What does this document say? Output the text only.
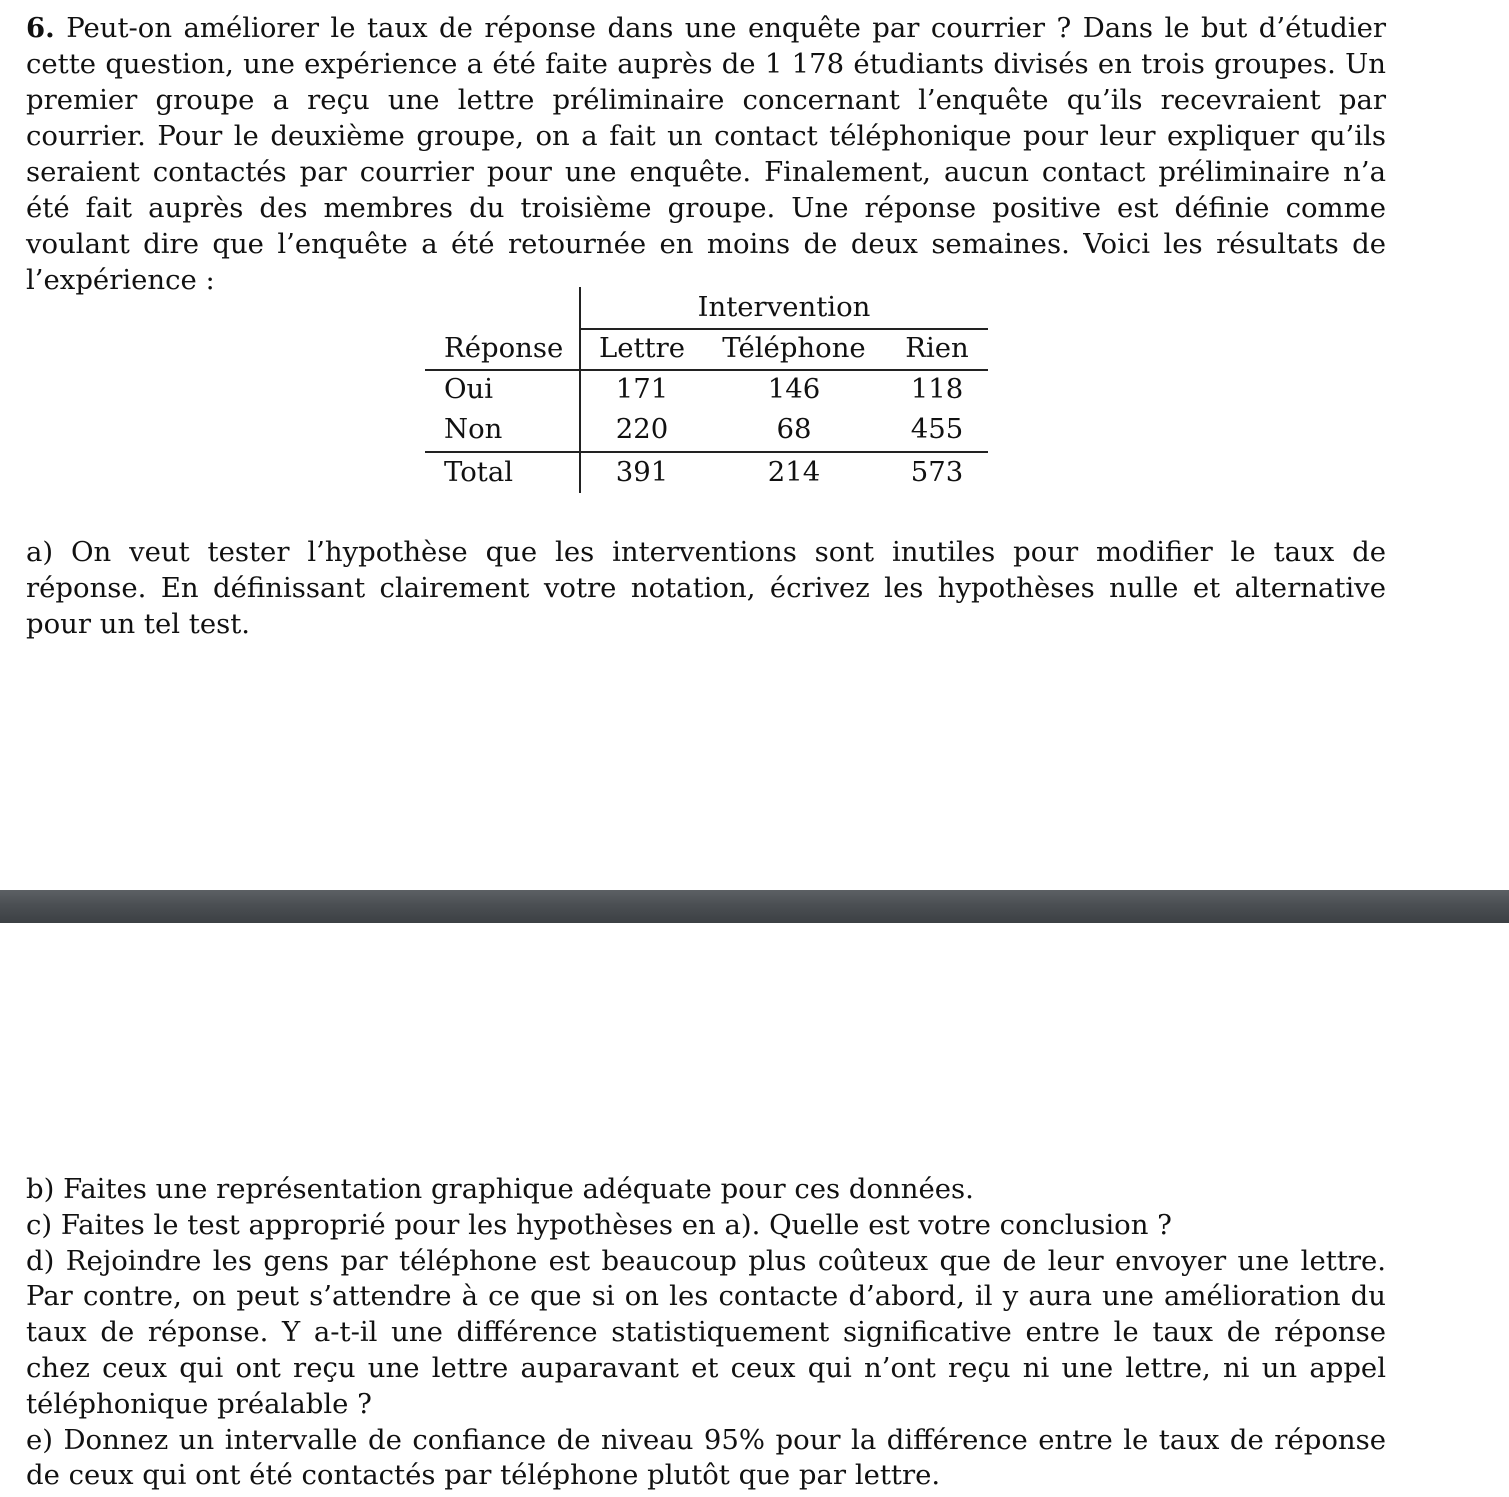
6. Peut-on améliorer le taux de réponse dans une enquête par courrier ? Dans le but d’étudier cette question, une expérience a été faite auprès de 1 178 étudiants divisés en trois groupes. Un premier groupe a reçu une lettre préliminaire concernant l’enquête qu’ils recevraient par courrier. Pour le deuxième groupe, on a fait un contact téléphonique pour leur expliquer qu’ils seraient contactés par courrier pour une enquête. Finalement, aucun contact préliminaire n’a été fait auprès des membres du troisième groupe. Une réponse positive est définie comme voulant dire que l’enquête a été retournée en moins de deux semaines. Voici les résultats de l’expérience :
Intervention
Réponse	Lettre	Téléphone	Rien
Oui	171	146	118
Non	220	68	455
Total	391	214	573
a) On veut tester l’hypothèse que les interventions sont inutiles pour modifier le taux de réponse. En définissant clairement votre notation, écrivez les hypothèses nulle et alternative pour un tel test.

b) Faites une représentation graphique adéquate pour ces données.

c) Faites le test approprié pour les hypothèses en a). Quelle est votre conclusion ?

d) Rejoindre les gens par téléphone est beaucoup plus coûteux que de leur envoyer une lettre. Par contre, on peut s’attendre à ce que si on les contacte d’abord, il y aura une amélioration du taux de réponse. Y a-t-il une différence statistiquement significative entre le taux de réponse chez ceux qui ont reçu une lettre auparavant et ceux qui n’ont reçu ni une lettre, ni un appel téléphonique préalable ?

e) Donnez un intervalle de confiance de niveau 95% pour la différence entre le taux de réponse de ceux qui ont été contactés par téléphone plutôt que par lettre.
